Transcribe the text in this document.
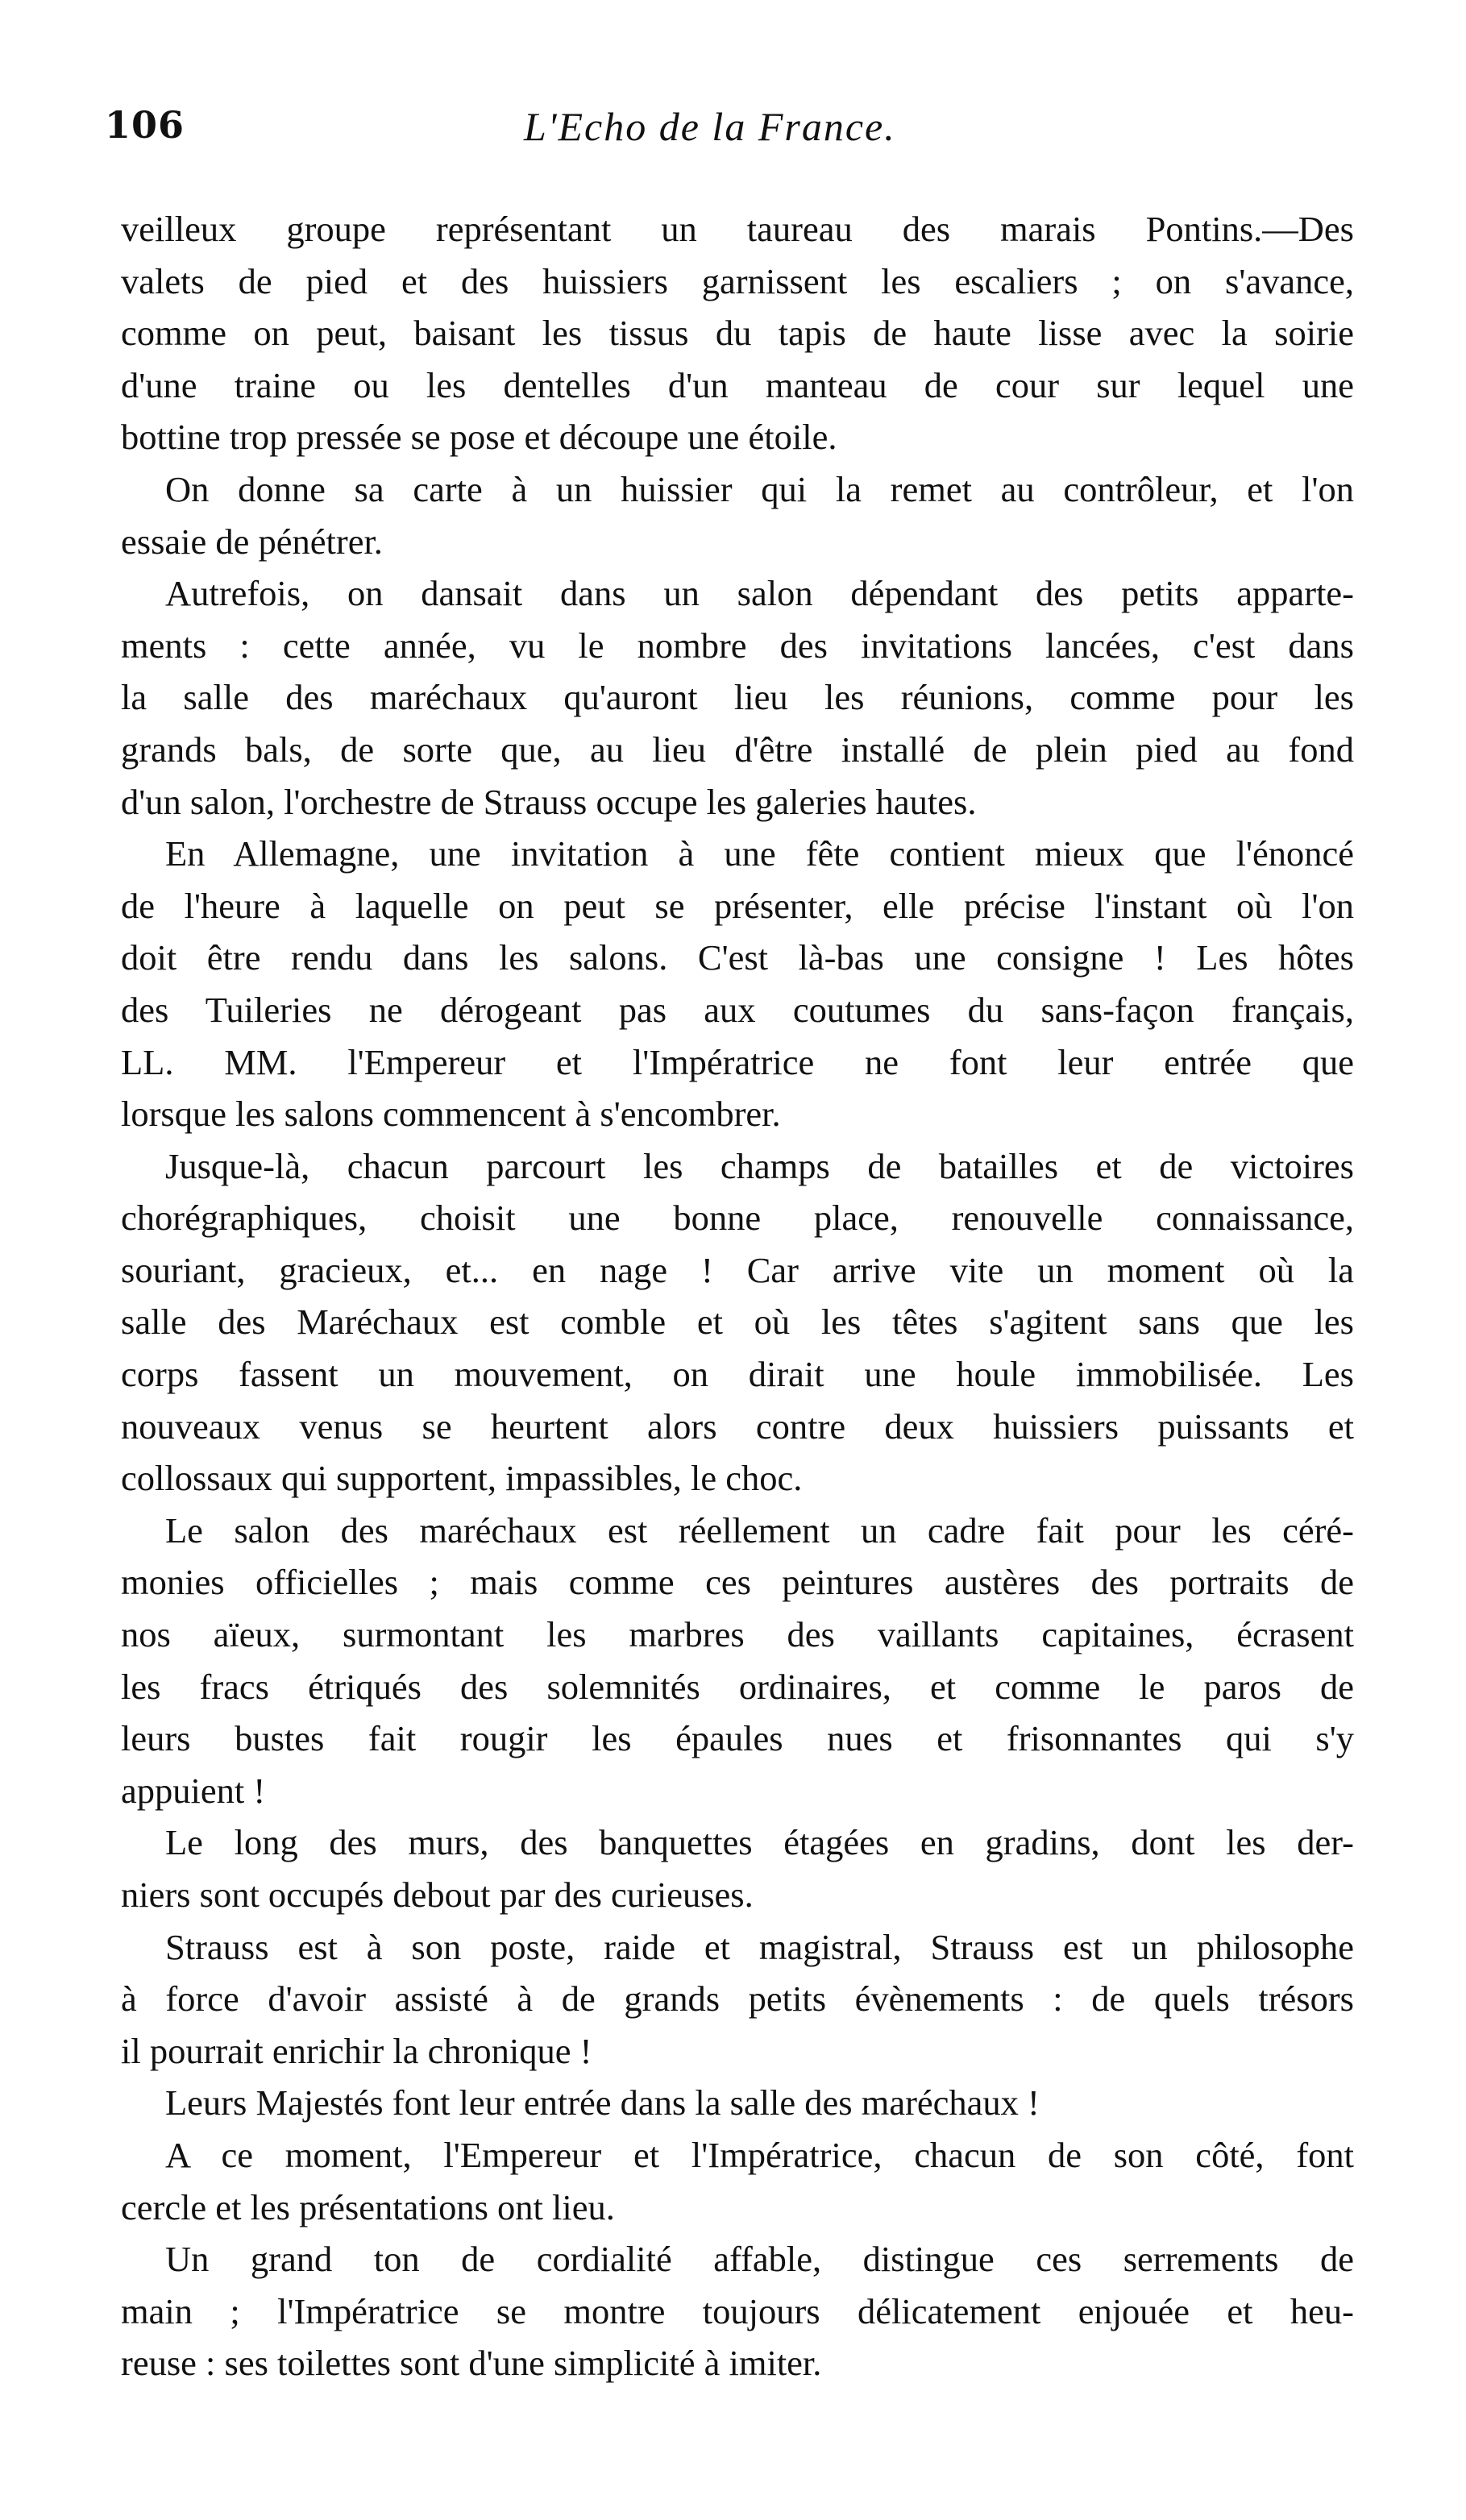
106	L'Echo de la France.
veilleux groupe représentant un taureau des marais Pontins.—Des
valets de pied et des huissiers garnissent les escaliers ; on s'avance,
comme on peut, baisant les tissus du tapis de haute lisse avec la soirie
d'une traine ou les dentelles d'un manteau de cour sur lequel une
bottine trop pressée se pose et découpe une étoile.
On donne sa carte à un huissier qui la remet au contrôleur, et l'on
essaie de pénétrer.
Autrefois, on dansait dans un salon dépendant des petits apparte-
ments : cette année, vu le nombre des invitations lancées, c'est dans
la salle des maréchaux qu'auront lieu les réunions, comme pour les
grands bals, de sorte que, au lieu d'être installé de plein pied au fond
d'un salon, l'orchestre de Strauss occupe les galeries hautes.
En Allemagne, une invitation à une fête contient mieux que l'énoncé
de l'heure à laquelle on peut se présenter, elle précise l'instant où l'on
doit être rendu dans les salons. C'est là-bas une consigne ! Les hôtes
des Tuileries ne dérogeant pas aux coutumes du sans-façon français,
LL. MM. l'Empereur et l'Impératrice ne font leur entrée que
lorsque les salons commencent à s'encombrer.
Jusque-là, chacun parcourt les champs de batailles et de victoires
chorégraphiques, choisit une bonne place, renouvelle connaissance,
souriant, gracieux, et... en nage ! Car arrive vite un moment où la
salle des Maréchaux est comble et où les têtes s'agitent sans que les
corps fassent un mouvement, on dirait une houle immobilisée. Les
nouveaux venus se heurtent alors contre deux huissiers puissants et
collossaux qui supportent, impassibles, le choc.
Le salon des maréchaux est réellement un cadre fait pour les céré-
monies officielles ; mais comme ces peintures austères des portraits de
nos aïeux, surmontant les marbres des vaillants capitaines, écrasent
les fracs étriqués des solemnités ordinaires, et comme le paros de
leurs bustes fait rougir les épaules nues et frisonnantes qui s'y
appuient !
Le long des murs, des banquettes étagées en gradins, dont les der-
niers sont occupés debout par des curieuses.
Strauss est à son poste, raide et magistral, Strauss est un philosophe
à force d'avoir assisté à de grands petits évènements : de quels trésors
il pourrait enrichir la chronique !
Leurs Majestés font leur entrée dans la salle des maréchaux !
A ce moment, l'Empereur et l'Impératrice, chacun de son côté, font
cercle et les présentations ont lieu.
Un grand ton de cordialité affable, distingue ces serrements de
main ; l'Impératrice se montre toujours délicatement enjouée et heu-
reuse : ses toilettes sont d'une simplicité à imiter.
